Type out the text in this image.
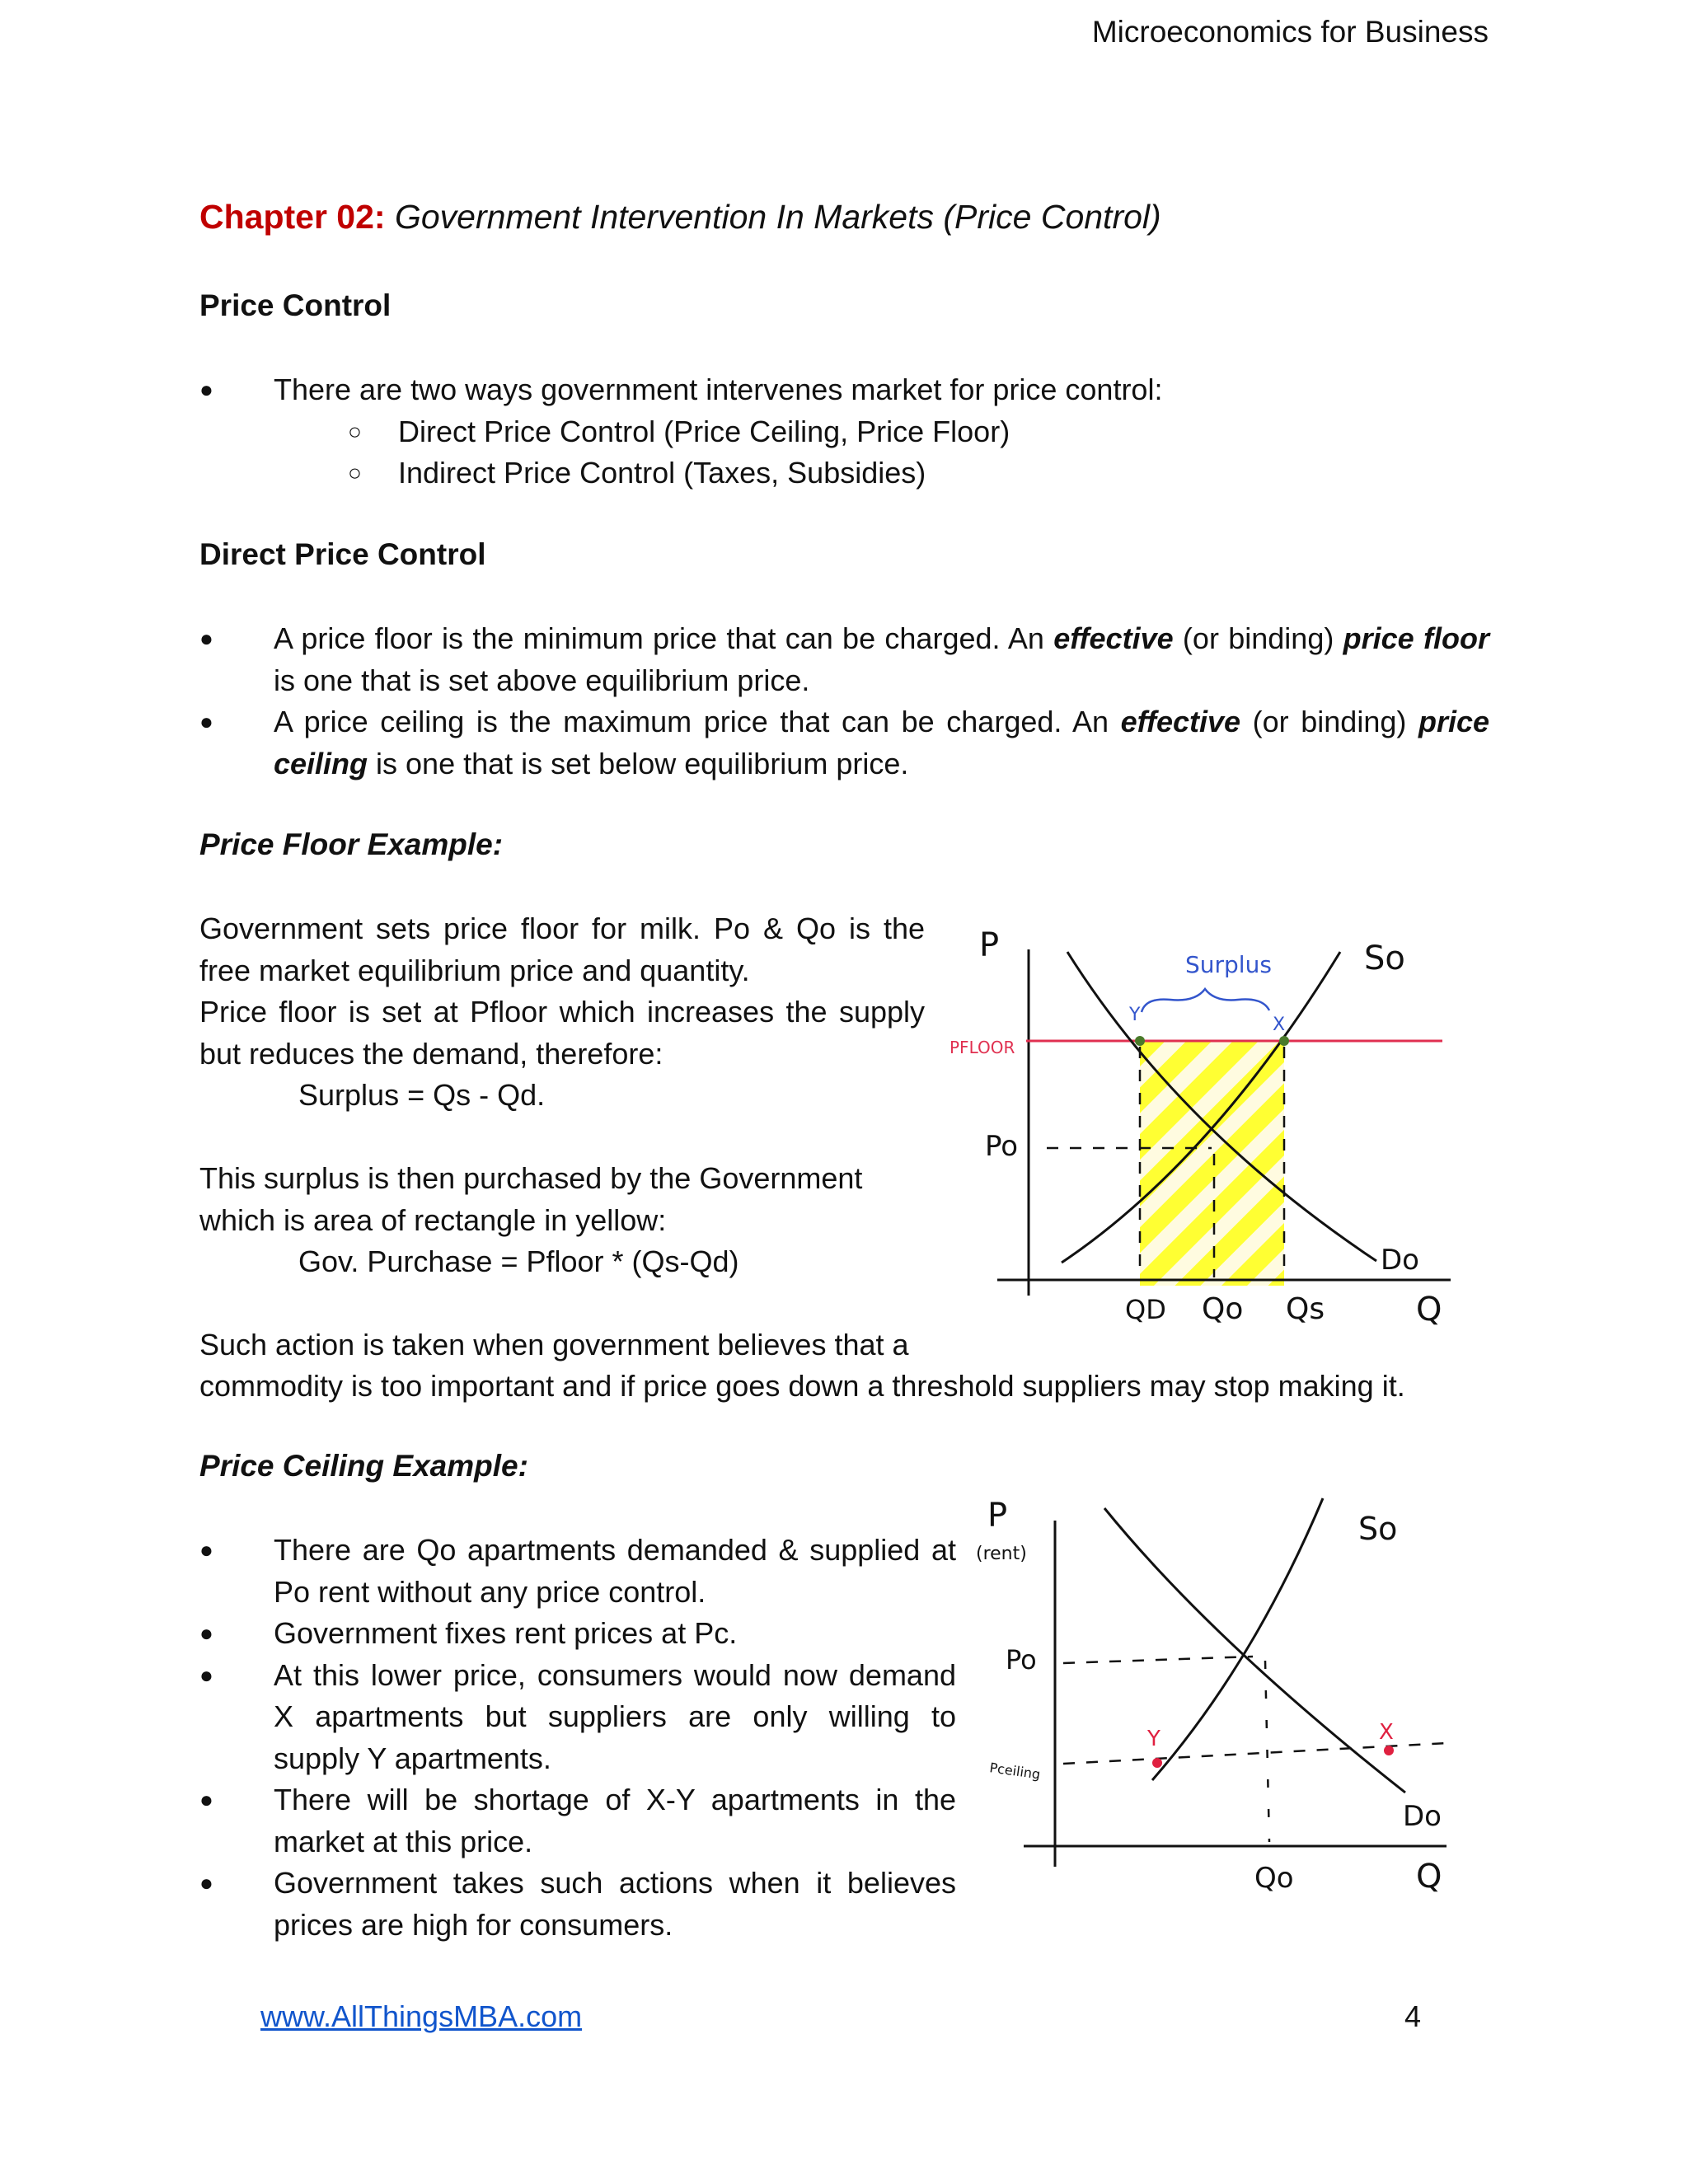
Microeconomics for Business
Chapter 02: Government Intervention In Markets (Price Control)
Price Control
● There are two ways government intervenes market for price control:
○ Direct Price Control (Price Ceiling, Price Floor)
○ Indirect Price Control (Taxes, Subsidies)
Direct Price Control
● A price floor is the minimum price that can be charged. An effective (or binding) price floor is one that is set above equilibrium price.
● A price ceiling is the maximum price that can be charged. An effective (or binding) price ceiling is one that is set below equilibrium price.
Price Floor Example:
Government sets price floor for milk. Po & Qo is the free market equilibrium price and quantity.
Price floor is set at Pfloor which increases the supply but reduces the demand, therefore:
Surplus = Qs - Qd.
This surplus is then purchased by the Government which is area of rectangle in yellow:
Gov. Purchase = Pfloor * (Qs-Qd)
Such action is taken when government believes that a
commodity is too important and if price goes down a threshold suppliers may stop making it.
Surplus
Y	X
P
PFLOOR
Po
So
Do
QD Qo Qs	Q
Price Ceiling Example:
● There are Qo apartments demanded & supplied at Po rent without any price control.
● Government fixes rent prices at Pc.
● At this lower price, consumers would now demand X apartments but suppliers are only willing to supply Y apartments.
● There will be shortage of X-Y apartments in the market at this price.
● Government takes such actions when it believes prices are high for consumers.
Y	X
P
(rent)
Po
Pceiling
So
Do
Qo	Q
www.AllThingsMBA.com	4
